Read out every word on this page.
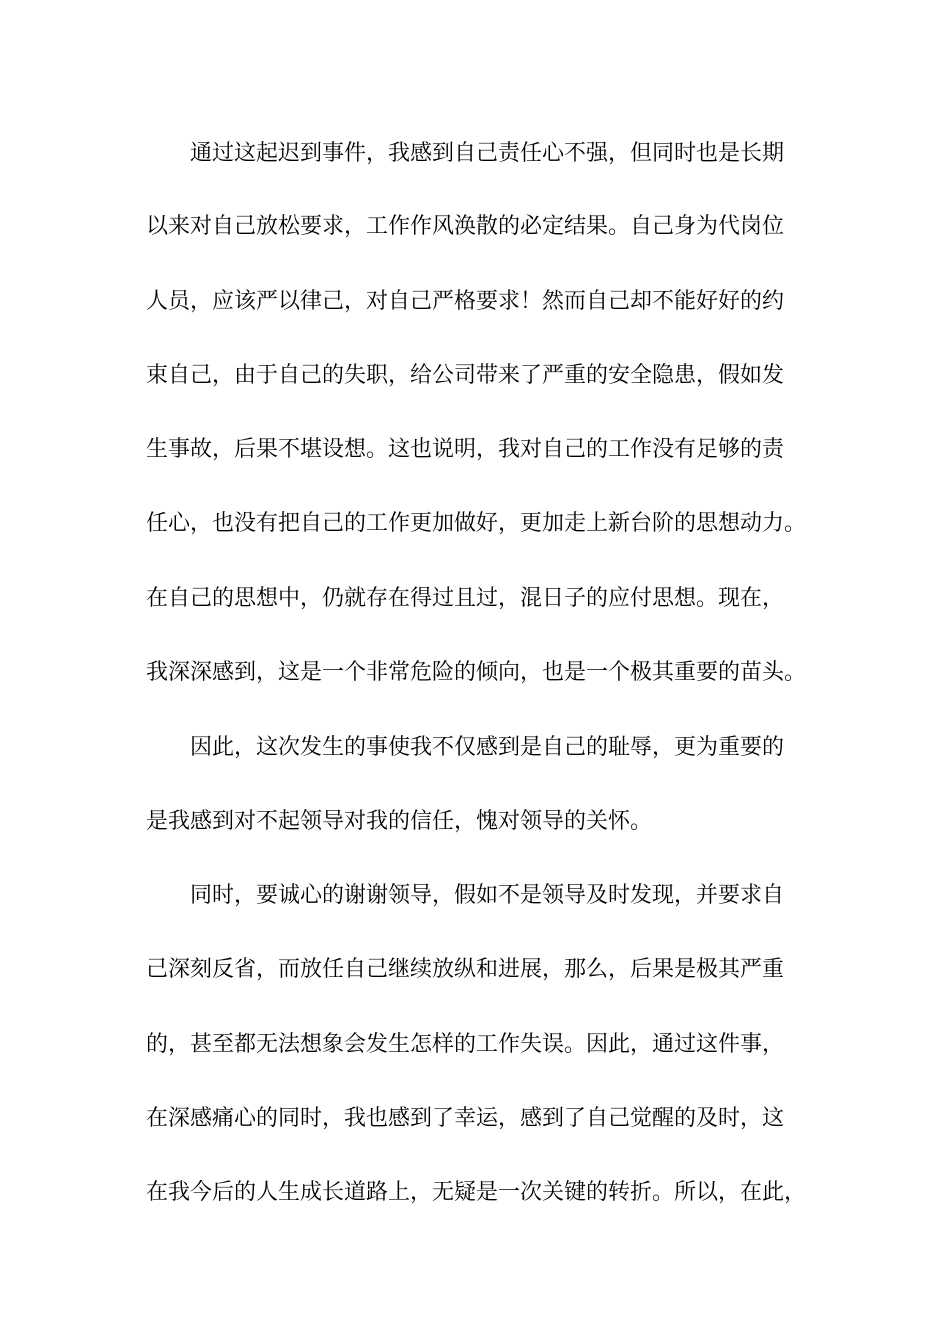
通过这起迟到事件，我感到自己责任心不强，但同时也是长期
以来对自己放松要求，工作作风涣散的必定结果。自己身为代岗位
人员，应该严以律己，对自己严格要求！然而自己却不能好好的约
束自己，由于自己的失职，给公司带来了严重的安全隐患，假如发
生事故，后果不堪设想。这也说明，我对自己的工作没有足够的责
任心，也没有把自己的工作更加做好，更加走上新台阶的思想动力。
在自己的思想中，仍就存在得过且过，混日子的应付思想。现在，
我深深感到，这是一个非常危险的倾向，也是一个极其重要的苗头。
因此，这次发生的事使我不仅感到是自己的耻辱，更为重要的
是我感到对不起领导对我的信任，愧对领导的关怀。
同时，要诚心的谢谢领导，假如不是领导及时发现，并要求自
己深刻反省，而放任自己继续放纵和进展，那么，后果是极其严重
的，甚至都无法想象会发生怎样的工作失误。因此，通过这件事，
在深感痛心的同时，我也感到了幸运，感到了自己觉醒的及时，这
在我今后的人生成长道路上，无疑是一次关键的转折。所以，在此，
